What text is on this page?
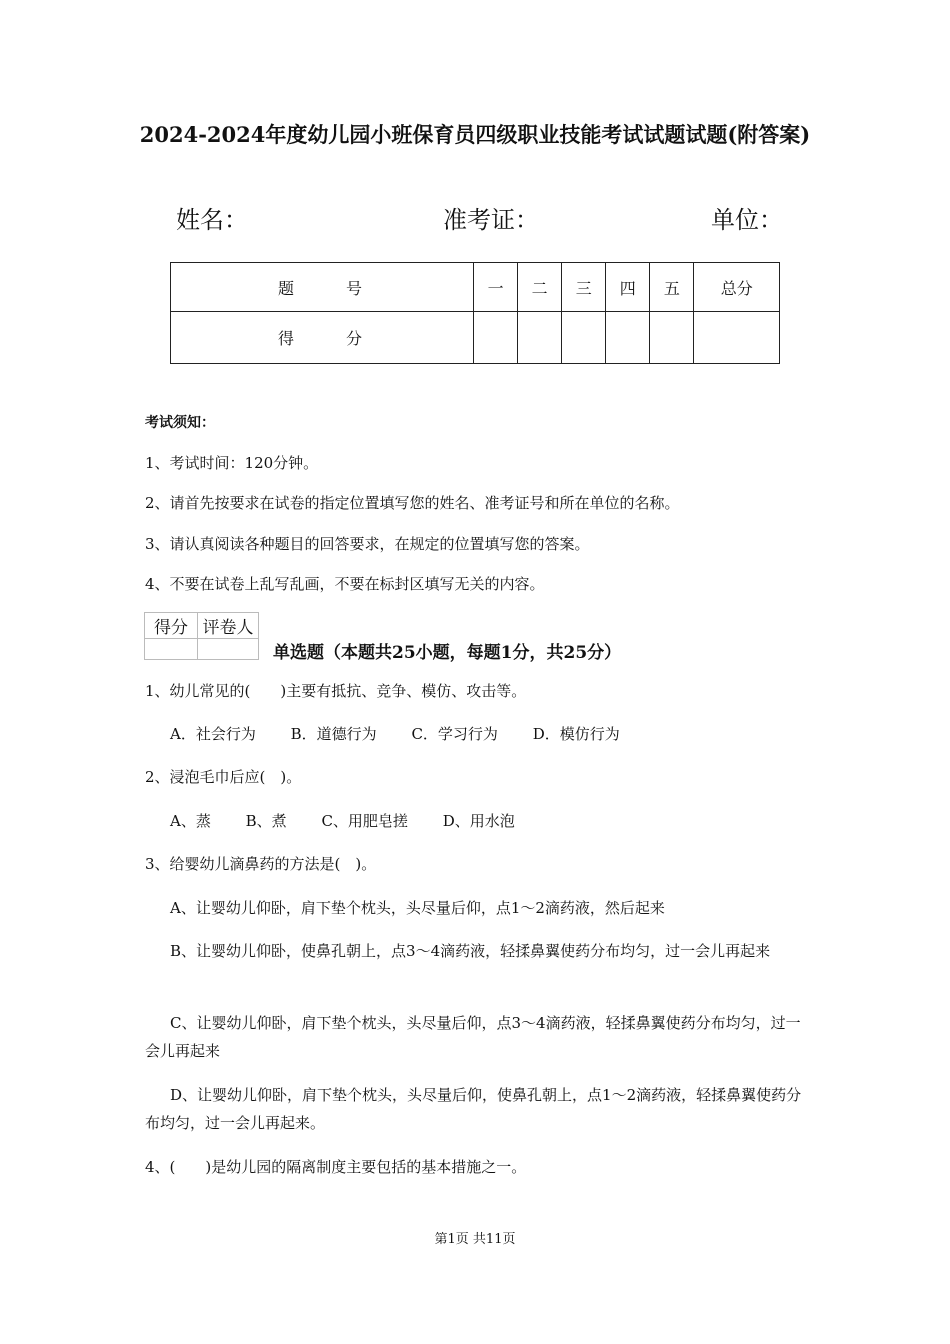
2024-2024年度幼儿园小班保育员四级职业技能考试试题试题(附答案)
姓名：	准考证：	单位：
题　号	一	二	三	四	五	总分
得　分						
考试须知：
1、考试时间：120分钟。
2、请首先按要求在试卷的指定位置填写您的姓名、准考证号和所在单位的名称。
3、请认真阅读各种题目的回答要求，在规定的位置填写您的答案。
4、不要在试卷上乱写乱画，不要在标封区填写无关的内容。
得分	评卷人

单选题（本题共25小题，每题1分，共25分）
1、幼儿常见的(　　)主要有抵抗、竞争、模仿、攻击等。
A．社会行为 B．道德行为 C．学习行为 D．模仿行为
2、浸泡毛巾后应(　)。
A、蒸 B、煮 C、用肥皂搓 D、用水泡
3、给婴幼儿滴鼻药的方法是(　)。
A、让婴幼儿仰卧，肩下垫个枕头，头尽量后仰，点1～2滴药液，然后起来
B、让婴幼儿仰卧，使鼻孔朝上，点3～4滴药液，轻揉鼻翼使药分布均匀，过一会儿再起来
C、让婴幼儿仰卧，肩下垫个枕头，头尽量后仰，点3～4滴药液，轻揉鼻翼使药分布均匀，过一会儿再起来
D、让婴幼儿仰卧，肩下垫个枕头，头尽量后仰，使鼻孔朝上，点1～2滴药液，轻揉鼻翼使药分布均匀，过一会儿再起来。
4、(　　)是幼儿园的隔离制度主要包括的基本措施之一。
第1页 共11页
